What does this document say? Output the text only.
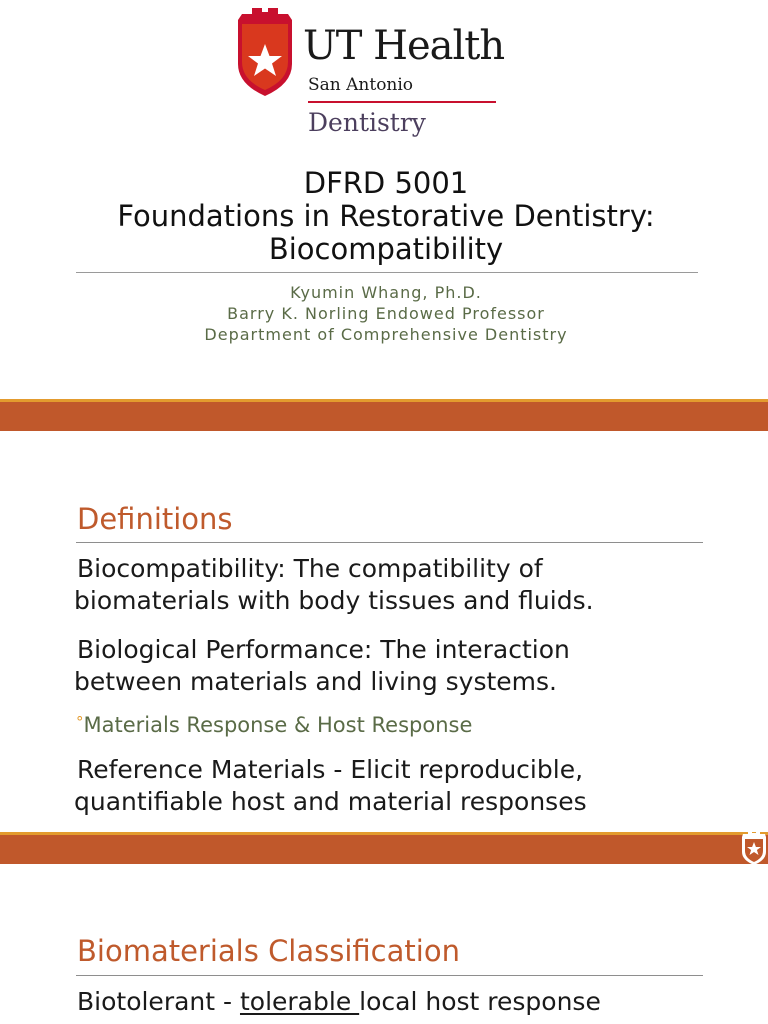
UT Health
San Antonio
Dentistry
DFRD 5001
Foundations in Restorative Dentistry:
Biocompatibility
Kyumin Whang, Ph.D.
Barry K. Norling Endowed Professor
Department of Comprehensive Dentistry
Definitions
Biocompatibility: The compatibility of
biomaterials with body tissues and fluids.
Biological Performance: The interaction
between materials and living systems.
°Materials Response & Host Response
Reference Materials - Elicit reproducible,
quantifiable host and material responses
Biomaterials Classification
Biotolerant - tolerable local host response
